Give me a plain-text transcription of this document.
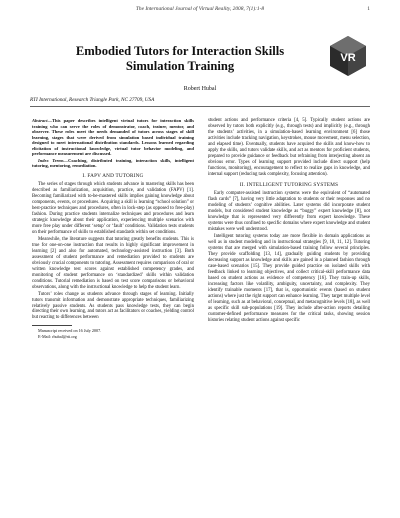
The International Journal of Virtual Reality, 2008, 7(1):1-8	1
Embodied Tutors for Interaction Skills
Simulation Training
VR
Robert Hubal
RTI International, Research Triangle Park, NC 27709, USA

Abstract—This paper describes intelligent virtual tutors for interaction skills training who can serve the roles of demonstrator, coach, trainer, mentor, and observer. These roles meet the needs demanded of tutors across stages of skill learning, stages that were derived from simulation based individual training designed to meet international distribution standards. Lessons learned regarding elicitation of instructional knowledge, virtual tutor behavior modeling, and performance measurement are discussed.

Index Terms—Coaching, distributed training, interaction skills, intelligent tutoring, mentoring, remediation.

I. FAPV AND TUTORING

The series of stages through which students advance in mastering skills has been described as familiarization, acquisition, practice, and validation (FAPV) [1]. Becoming familiarized with to-be-mastered skills implies gaining knowledge about components, events, or procedures. Acquiring a skill is learning “school solution” or best-practice techniques and procedures, often in lock-step (as opposed to free-play) fashion. During practice students internalize techniques and procedures and learn strategic knowledge about their application, experiencing multiple scenarios with more free play under different ‘setup’ or ‘fault’ conditions. Validation tests students on their performance of skills to established standards within set conditions.

Meanwhile, the literature suggests that tutoring greatly benefits students. This is true for one-on-one instruction that results in highly significant improvement in learning [2] and also for automated, technology-assisted instruction [3]. Both assessment of student performance and remediation provided to students are obviously crucial components to tutoring. Assessment requires comparison of oral or written knowledge test scores against established competency grades, and monitoring of student performance on ‘standardized’ skills within validation conditions. Tutorial remediation is based on test score comparisons or behavioral observations, along with the instructional knowledge to help the student learn.

Tutors’ roles change as students advance through stages of learning. Initially tutors transmit information and demonstrate appropriate techniques, familiarizing relatively passive students. As students pass knowledge tests, they can begin directing their own learning, and tutors act as facilitators or coaches, yielding control but reacting to differences between

Manuscript received on 16 July 2007.

E-Mail: rhubal@rti.org

student actions and performance criteria [4, 5]. Typically student actions are observed by tutors both explicitly (e.g., through tests) and implicitly (e.g., through the students’ activities, in a simulation-based learning environment [6] those activities include tracking navigation, keystrokes, mouse movement, menu selection, and elapsed time). Eventually, students have acquired the skills and know-how to apply the skills, and tutors validate skills, and act as mentors for proficient students, prepared to provide guidance or feedback but refraining from interjecting absent an obvious error. Types of learning support provided include direct support (help functions, monitoring), encouragement to reflect to realize gaps in knowledge, and internal support (reducing task complexity, focusing attention).

II. INTELLIGENT TUTORING SYSTEMS

Early computer-assisted instruction systems were the equivalent of “automated flash cards” [7], having very little adaptation to students or their responses and no modeling of students’ cognitive abilities. Later systems did incorporate student models, but considered student knowledge as “buggy” expert knowledge [8], not knowledge that is represented very differently from expert knowledge. These systems were thus confined to specific domains where expert knowledge and student mistakes were well understood.

Intelligent tutoring systems today are more flexible in domain applications as well as in student modeling and in instructional strategies [9, 10, 11, 12]. Tutoring systems that are merged with simulation-based training follow several principles. They provide scaffolding [13, 14], gradually guiding students by providing decreasing support as knowledge and skills are gained in a planned fashion through case-based scenarios [15]. They provide guided practice on isolated skills with feedback linked to learning objectives, and collect critical-skill performance data based on student actions as evidence of competency [16]. They train-up skills, increasing factors like volatility, ambiguity, uncertainty, and complexity. They identify trainable moments [17], that is, opportunistic events (based on student actions) where just the right support can enhance learning. They target multiple level of learning, such as at behavioral, conceptual, and metacognitive levels [18], as well as specific skill sub-populations [19]. They include after-action reports detailing customer-defined performance measures for the critical tasks, showing session histories relating student actions against specific
